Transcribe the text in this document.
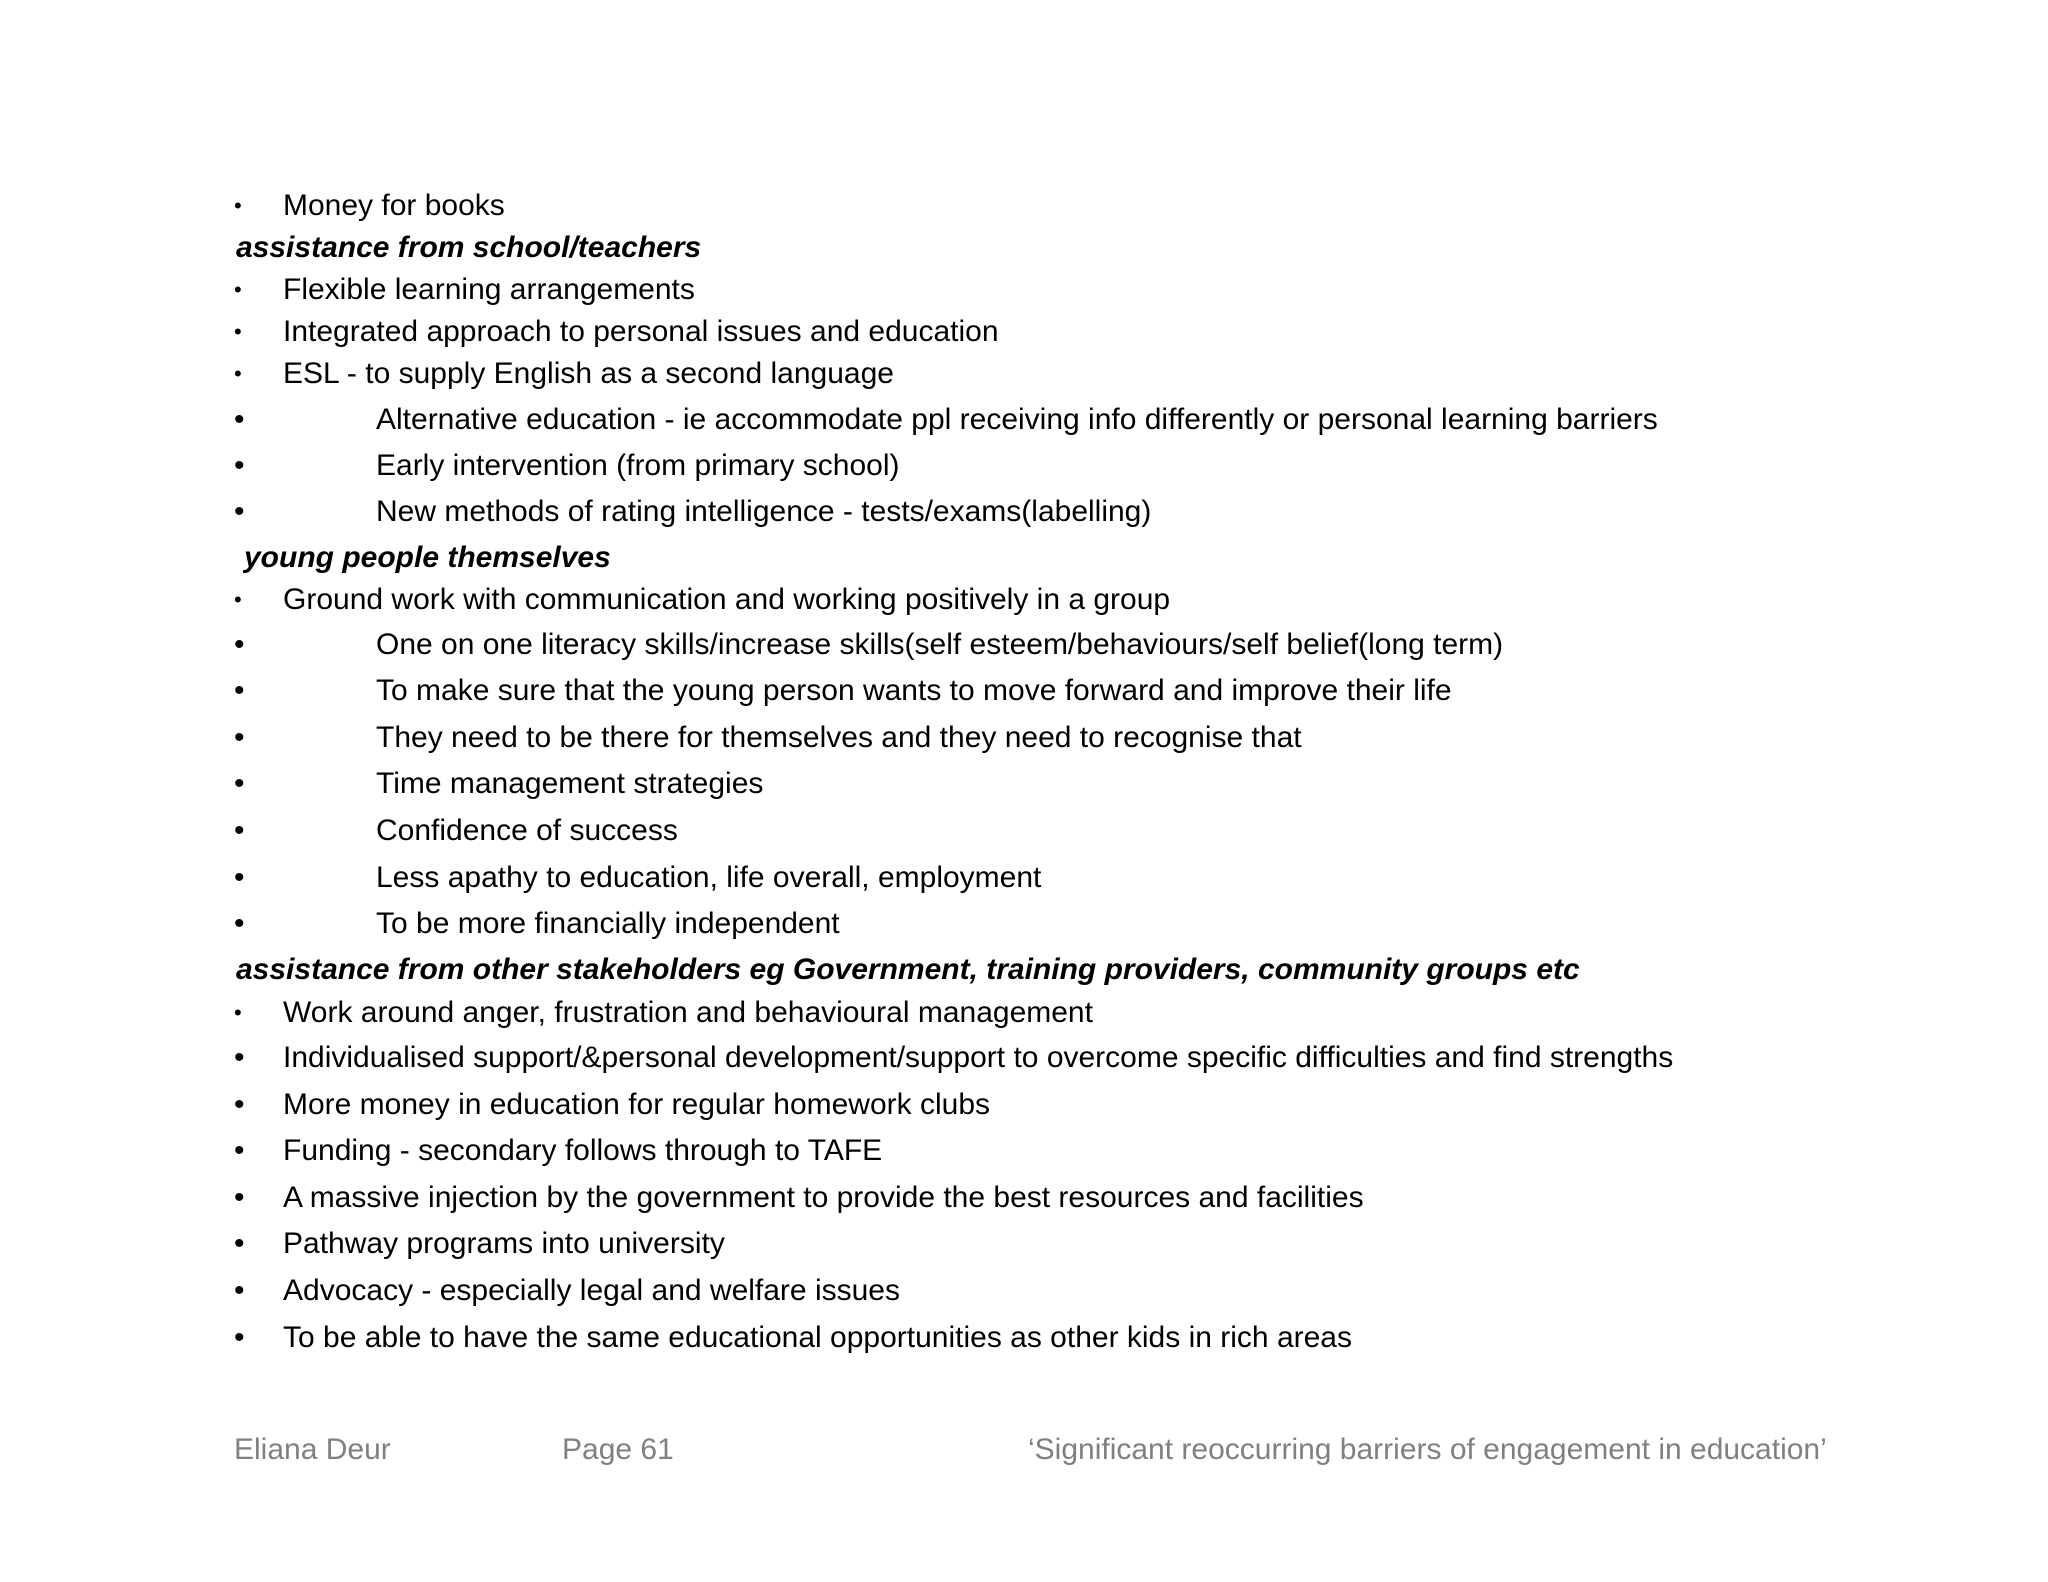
• Money for books
assistance from school/teachers
• Flexible learning arrangements
• Integrated approach to personal issues and education
• ESL - to supply English as a second language
•	Alternative education - ie accommodate ppl receiving info differently or personal learning barriers
•	Early intervention (from primary school)
•	New methods of rating intelligence - tests/exams(labelling)
young people themselves
• Ground work with communication and working positively in a group
•	One on one literacy skills/increase skills(self esteem/behaviours/self belief(long term)
•	To make sure that the young person wants to move forward and improve their life
•	They need to be there for themselves and they need to recognise that
•	Time management strategies
•	Confidence of success
•	Less apathy to education, life overall, employment
•	To be more financially independent
assistance from other stakeholders eg Government, training providers, community groups etc
• Work around anger, frustration and behavioural management
• Individualised support/&personal development/support to overcome specific difficulties and find strengths
• More money in education for regular homework clubs
• Funding - secondary follows through to TAFE
• A massive injection by the government to provide the best resources and facilities
• Pathway programs into university
• Advocacy - especially legal and welfare issues
• To be able to have the same educational opportunities as other kids in rich areas
Eliana Deur	Page 61	‘Significant reoccurring barriers of engagement in education’
